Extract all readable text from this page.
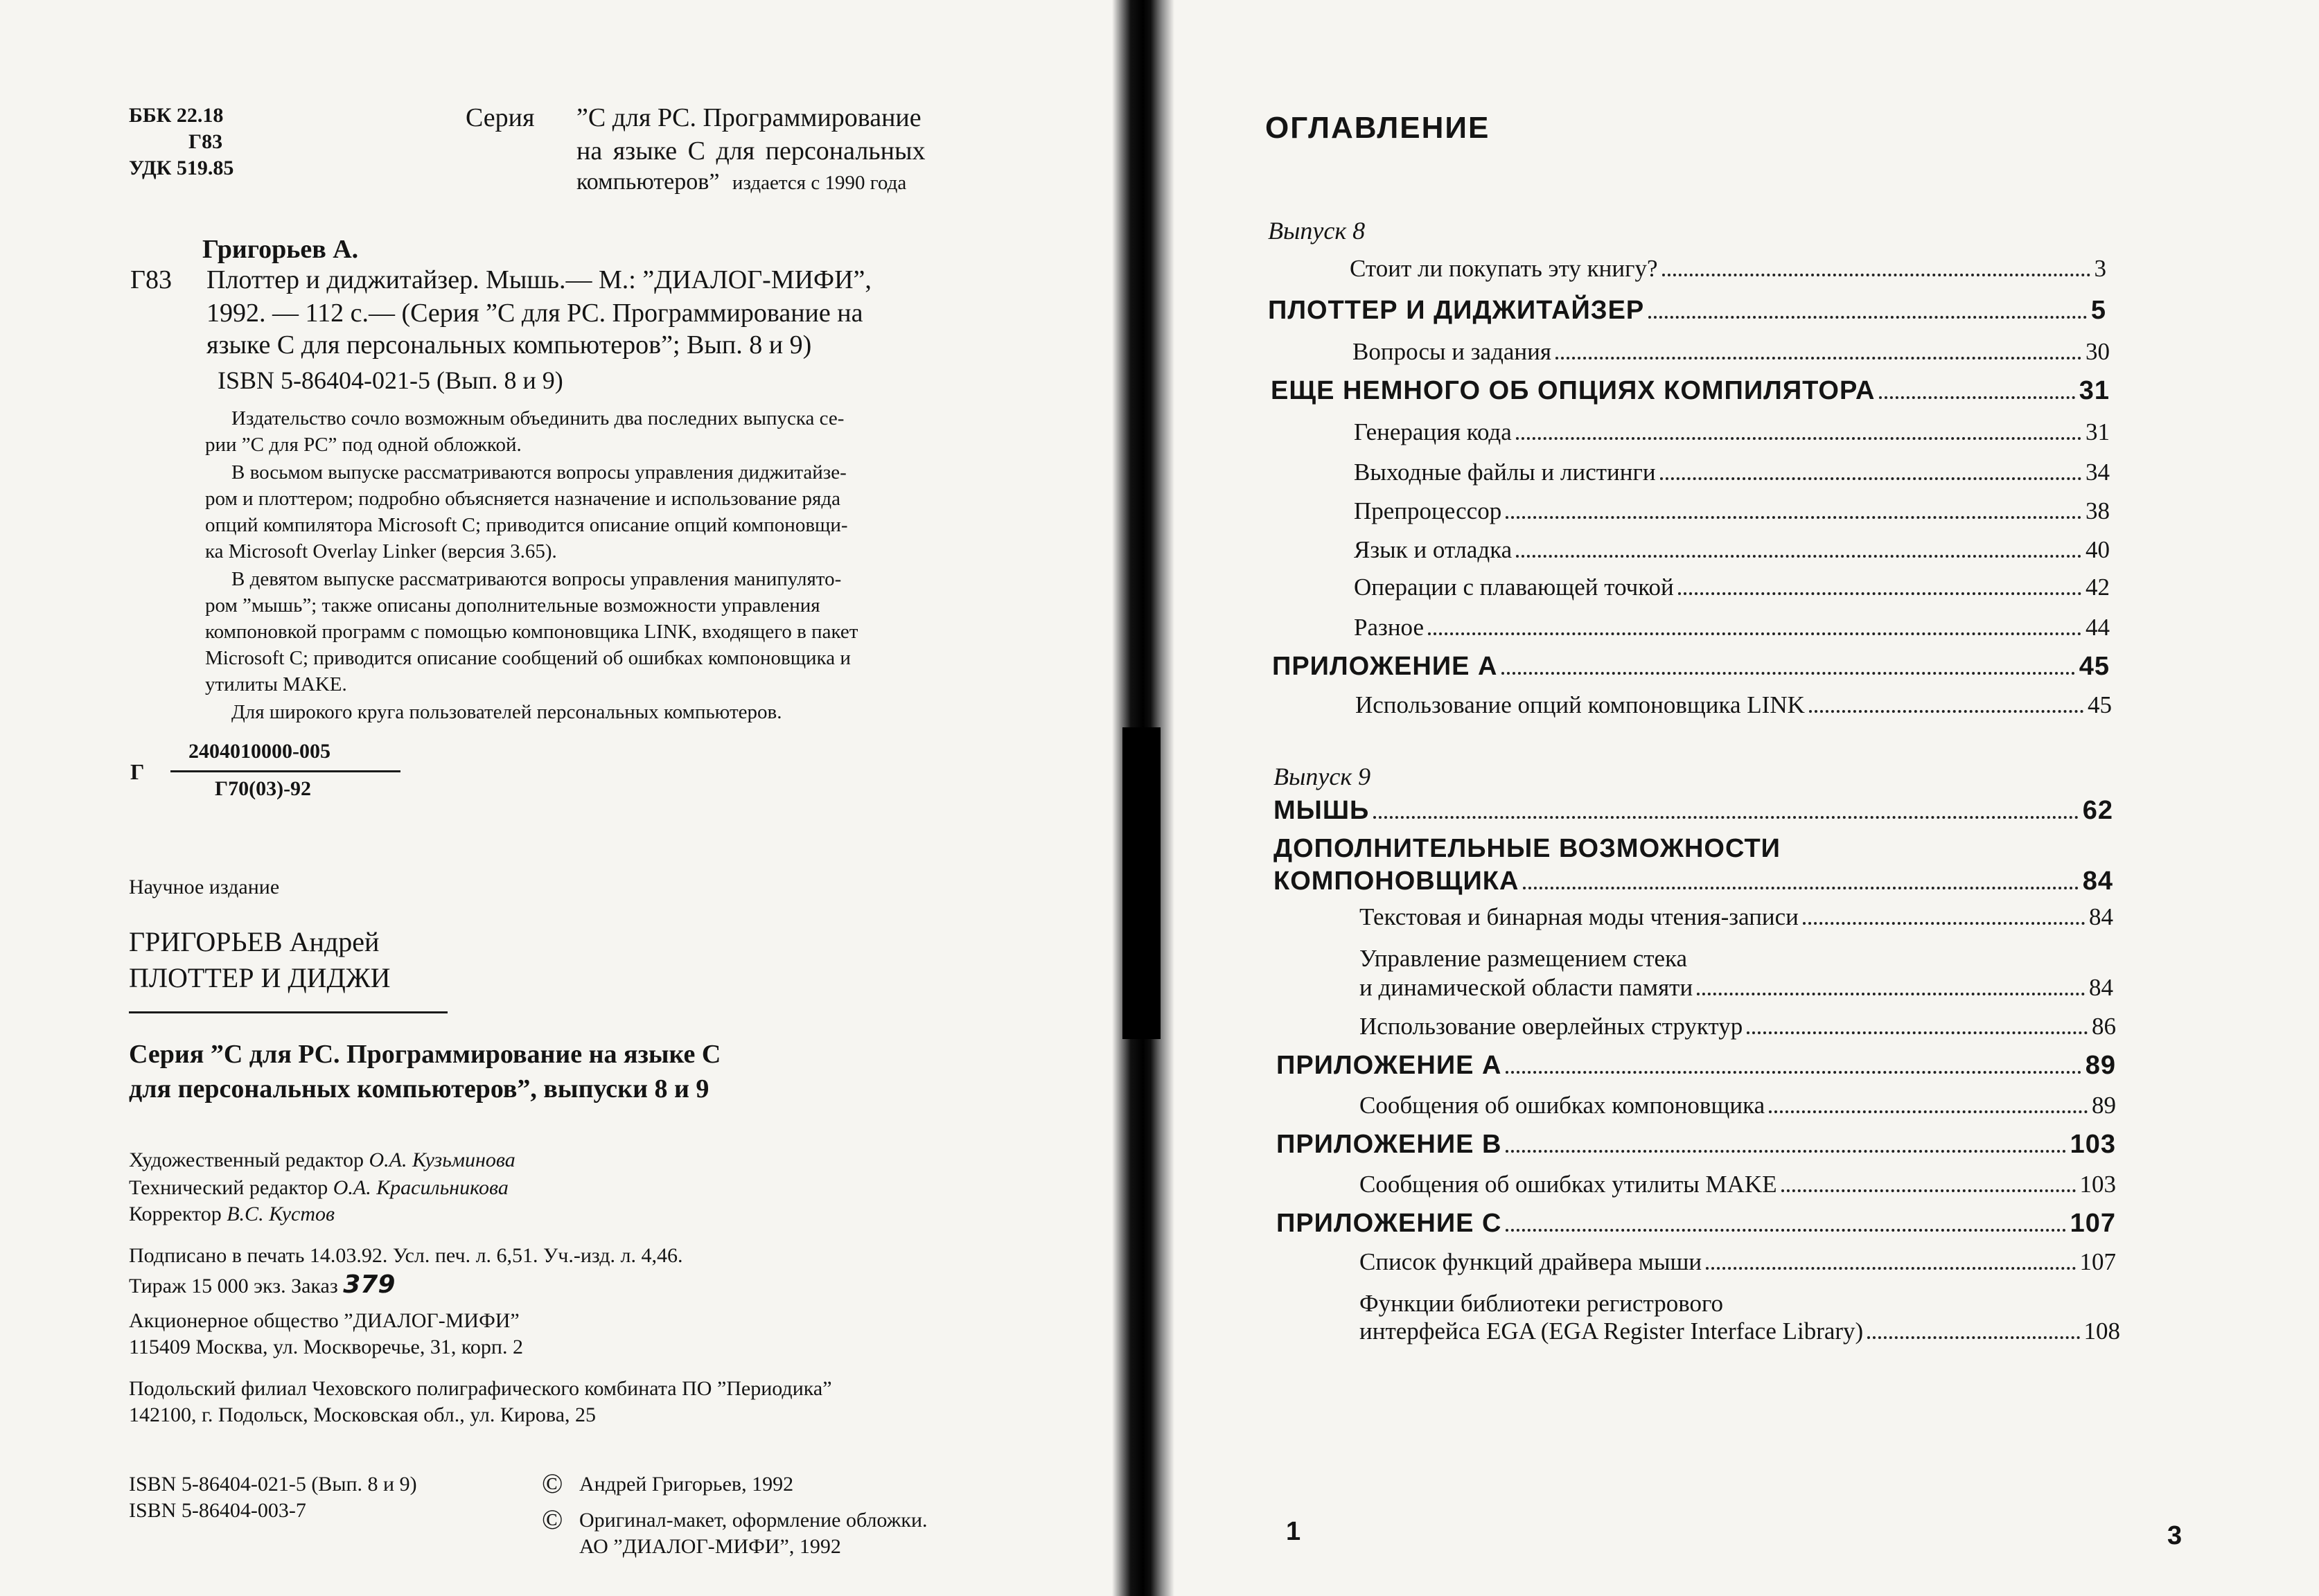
ББК 22.18
Г83
УДК 519.85
Серия ”С для PC. Программирование
на языке С для персональных
компьютеров” издается с 1990 года
Григорьев А.
Г83 Плоттер и диджитайзер. Мышь.— М.: ”ДИАЛОГ-МИФИ”,
1992. — 112 с.— (Серия ”С для PC. Программирование на
языке С для персональных компьютеров”; Вып. 8 и 9)
ISBN 5-86404-021-5 (Вып. 8 и 9)
Издательство сочло возможным объединить два последних выпуска се-
рии ”С для PC” под одной обложкой.
В восьмом выпуске рассматриваются вопросы управления диджитайзе-
ром и плоттером; подробно объясняется назначение и использование ряда
опций компилятора Microsoft С; приводится описание опций компоновщи-
ка Microsoft Overlay Linker (версия 3.65).
В девятом выпуске рассматриваются вопросы управления манипулято-
ром ”мышь”; также описаны дополнительные возможности управления
компоновкой программ с помощью компоновщика LINK, входящего в пакет
Microsoft С; приводится описание сообщений об ошибках компоновщика и
утилиты MAKE.
Для широкого круга пользователей персональных компьютеров.
Г
2404010000-005
Г70(03)-92
Научное издание
ГРИГОРЬЕВ Андрей
ПЛОТТЕР И ДИДЖИ
Серия ”С для PC. Программирование на языке С
для персональных компьютеров”, выпуски 8 и 9
Художественный редактор О.А. Кузьминова
Технический редактор О.А. Красильникова
Корректор В.С. Кустов
Подписано в печать 14.03.92. Усл. печ. л. 6,51. Уч.-изд. л. 4,46.
Тираж 15 000 экз. Заказ 379
Акционерное общество ”ДИАЛОГ-МИФИ”
115409 Москва, ул. Москворечье, 31, корп. 2
Подольский филиал Чеховского полиграфического комбината ПО ”Периодика”
142100, г. Подольск, Московская обл., ул. Кирова, 25
ISBN 5-86404-021-5 (Вып. 8 и 9)
ISBN 5-86404-003-7
© Андрей Григорьев, 1992
© Оригинал-макет, оформление обложки.
АО ”ДИАЛОГ-МИФИ”, 1992
ОГЛАВЛЕНИЕ
Выпуск 8
Стоит ли покупать эту книгу?	3
ПЛОТТЕР И ДИДЖИТАЙЗЕР	5
Вопросы и задания	30
ЕЩЕ НЕМНОГО ОБ ОПЦИЯХ КОМПИЛЯТОРА	31
Генерация кода	31
Выходные файлы и листинги	34
Препроцессор	38
Язык и отладка	40
Операции с плавающей точкой	42
Разное	44
ПРИЛОЖЕНИЕ А	45
Использование опций компоновщика LINK	45
Выпуск 9
МЫШЬ	62
ДОПОЛНИТЕЛЬНЫЕ ВОЗМОЖНОСТИ
КОМПОНОВЩИКА	84
Текстовая и бинарная моды чтения-записи	84
Управление размещением стека
и динамической области памяти	84
Использование оверлейных структур	86
ПРИЛОЖЕНИЕ А	89
Сообщения об ошибках компоновщика	89
ПРИЛОЖЕНИЕ В	103
Сообщения об ошибках утилиты MAKE	103
ПРИЛОЖЕНИЕ С	107
Список функций драйвера мыши	107
Функции библиотеки регистрового
интерфейса EGA (EGA Register Interface Library)	108
1	3
